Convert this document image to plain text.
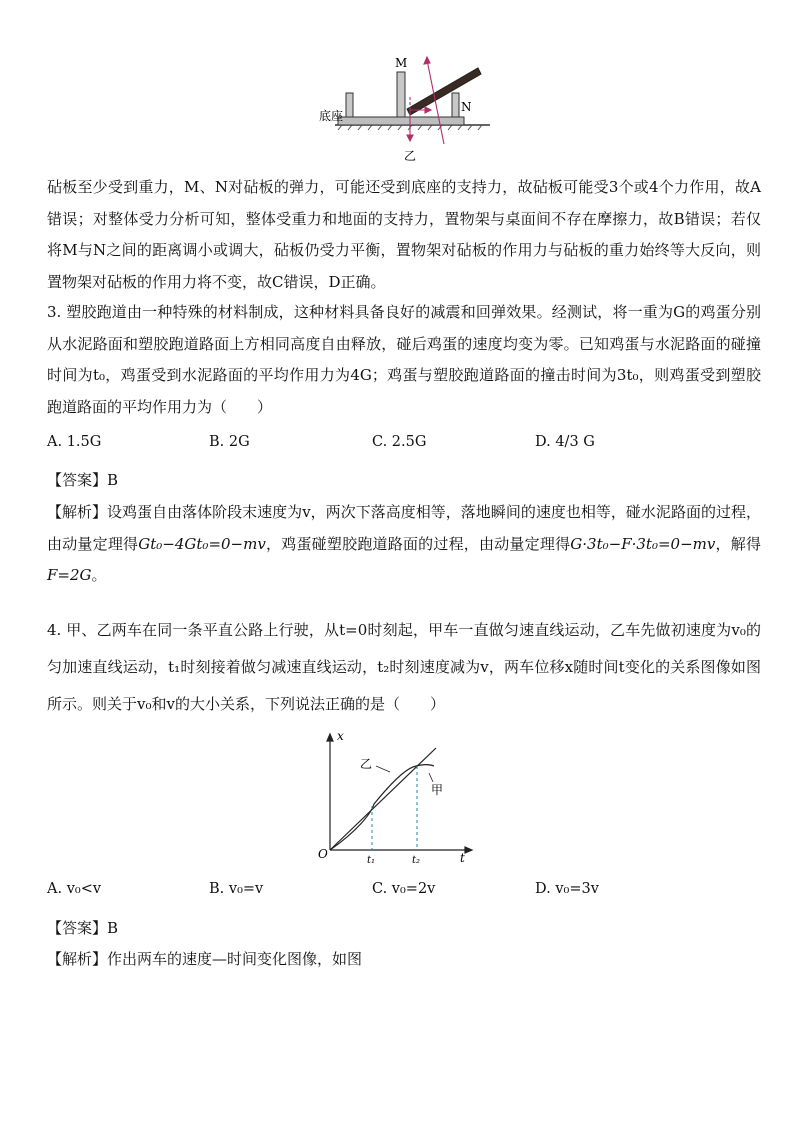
底座
M
N
乙
砧板至少受到重力，M、N对砧板的弹力，可能还受到底座的支持力，故砧板可能受3个或4个力作用，故A错误；对整体受力分析可知，整体受重力和地面的支持力，置物架与桌面间不存在摩擦力，故B错误；若仅将M与N之间的距离调小或调大，砧板仍受力平衡，置物架对砧板的作用力与砧板的重力始终等大反向，则置物架对砧板的作用力将不变，故C错误，D正确。
3. 塑胶跑道由一种特殊的材料制成，这种材料具备良好的减震和回弹效果。经测试，将一重为G的鸡蛋分别从水泥路面和塑胶跑道路面上方相同高度自由释放，碰后鸡蛋的速度均变为零。已知鸡蛋与水泥路面的碰撞时间为t₀，鸡蛋受到水泥路面的平均作用力为4G；鸡蛋与塑胶跑道路面的撞击时间为3t₀，则鸡蛋受到塑胶跑道路面的平均作用力为（　　）
A. 1.5G	B. 2G	C. 2.5G	D. 4/3 G
【答案】B
【解析】设鸡蛋自由落体阶段末速度为v，两次下落高度相等，落地瞬间的速度也相等，碰水泥路面的过程，由动量定理得Gt₀−4Gt₀=0−mv，鸡蛋碰塑胶跑道路面的过程，由动量定理得G·3t₀−F·3t₀=0−mv，解得F=2G。
4. 甲、乙两车在同一条平直公路上行驶，从t=0时刻起，甲车一直做匀速直线运动，乙车先做初速度为v₀的匀加速直线运动，t₁时刻接着做匀减速直线运动，t₂时刻速度减为v，两车位移x随时间t变化的关系图像如图所示。则关于v₀和v的大小关系，下列说法正确的是（　　）
x
t
O	t₁	t₂
乙
甲
A. v₀<v	B. v₀=v	C. v₀=2v	D. v₀=3v
【答案】B
【解析】作出两车的速度—时间变化图像，如图
